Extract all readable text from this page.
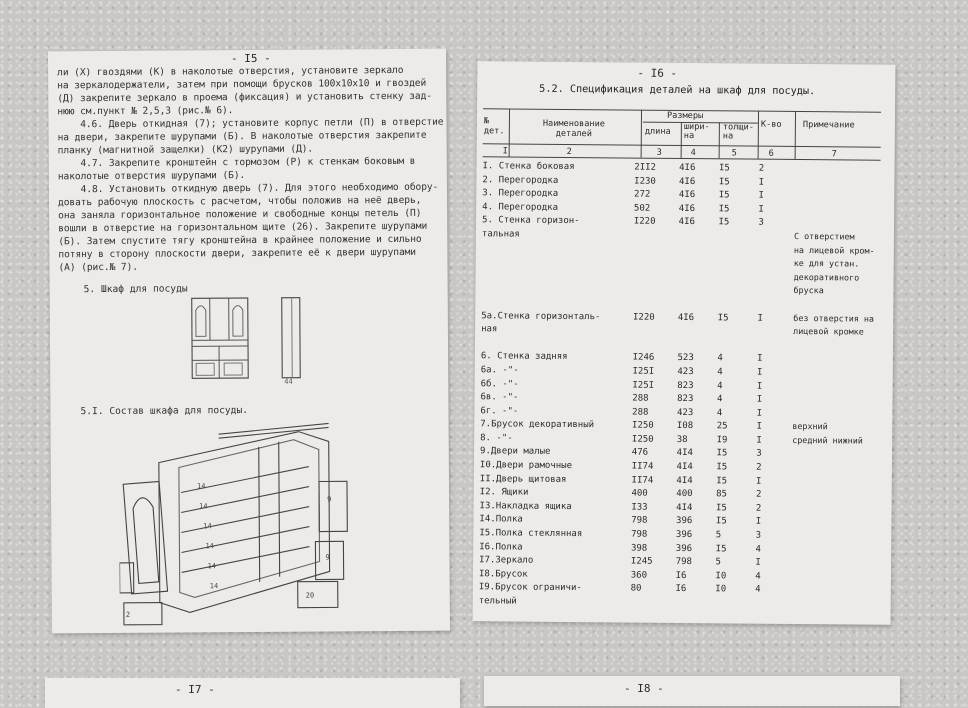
- I5 -
ли (Х) гвоздями (К) в наколотые отверстия, установите зеркало
на зеркалодержатели, затем при помощи брусков 100х10х10 и гвоздей
(Д) закрепите зеркало в проема (фиксация) и установить стенку зад-
нюю см.пункт № 2,5,3 (рис.№ 6).
4.6. Дверь откидная (7); установите корпус петли (П) в отверстие
на двери, закрепите шурупами (Б). В наколотые отверстия закрепите
планку (магнитной защелки) (К2) шурупами (Д).
4.7. Закрепите кронштейн с тормозом (Р) к стенкам боковым в
наколотые отверстия шурупами (Б).
4.8. Установить откидную дверь (7). Для этого необходимо обору-
довать рабочую плоскость с расчетом, чтобы положив на неё дверь,
она заняла горизонтальное положение и свободные концы петель (П)
вошли в отверстие на горизонтальном щите (26). Закрепите шурупами
(Б). Затем спустите тягу кронштейна в крайнее положение и сильно
потяну в сторону плоскости двери, закрепите её к двери шурупами
(А) (рис.№ 7).
5. Шкаф для посуды
44
5.I. Состав шкафа для посуды.
14
14
14
14
14
14
9
9
2
20
- I6 -
5.2. Спецификация деталей на шкаф для посуды.
№ дет.
Наименование деталей
Размеры
длина шири- на
толщи- на
К-во Примечание
I	2	3	4	5	6	7
I. Стенка боковая	2II2	4I6	I5	2	
2. Перегородка	I230	4I6	I5	I	
3. Перегородка	272	4I6	I5	I	
4. Перегородка	502	4I6	I5	I	
5. Стенка горизон-	I220	4I6	I5	3	
тальная					С отверстием
					на лицевой кром-
					ке для устан.
					декоративного
					бруска

5а.Стенка горизонталь-	I220	4I6	I5	I	без отверстия на
ная					лицевой кромке

6. Стенка задняя	I246	523	4	I	
6а. -"-	I25I	423	4	I	
6б. -"-	I25I	823	4	I	
6в. -"-	288	823	4	I	
6г. -"-	288	423	4	I	
7.Брусок декоративный	I250	I08	25	I	верхний
8. -"-	I250	38	I9	I	средний нижний
9.Двери малые	476	4I4	I5	3	
I0.Двери рамочные	II74	4I4	I5	2	
II.Дверь щитовая	II74	4I4	I5	I	
I2. Ящики	400	400	85	2	
I3.Накладка ящика	I33	4I4	I5	2	
I4.Полка	798	396	I5	I	
I5.Полка стеклянная	798	396	5	3	
I6.Полка	398	396	I5	4	
I7.Зеркало	I245	798	5	I	
I8.Брусок	360	I6	I0	4	
I9.Брусок ограничи-	80	I6	I0	4	
тельный					
- I7 -	- I8 -
